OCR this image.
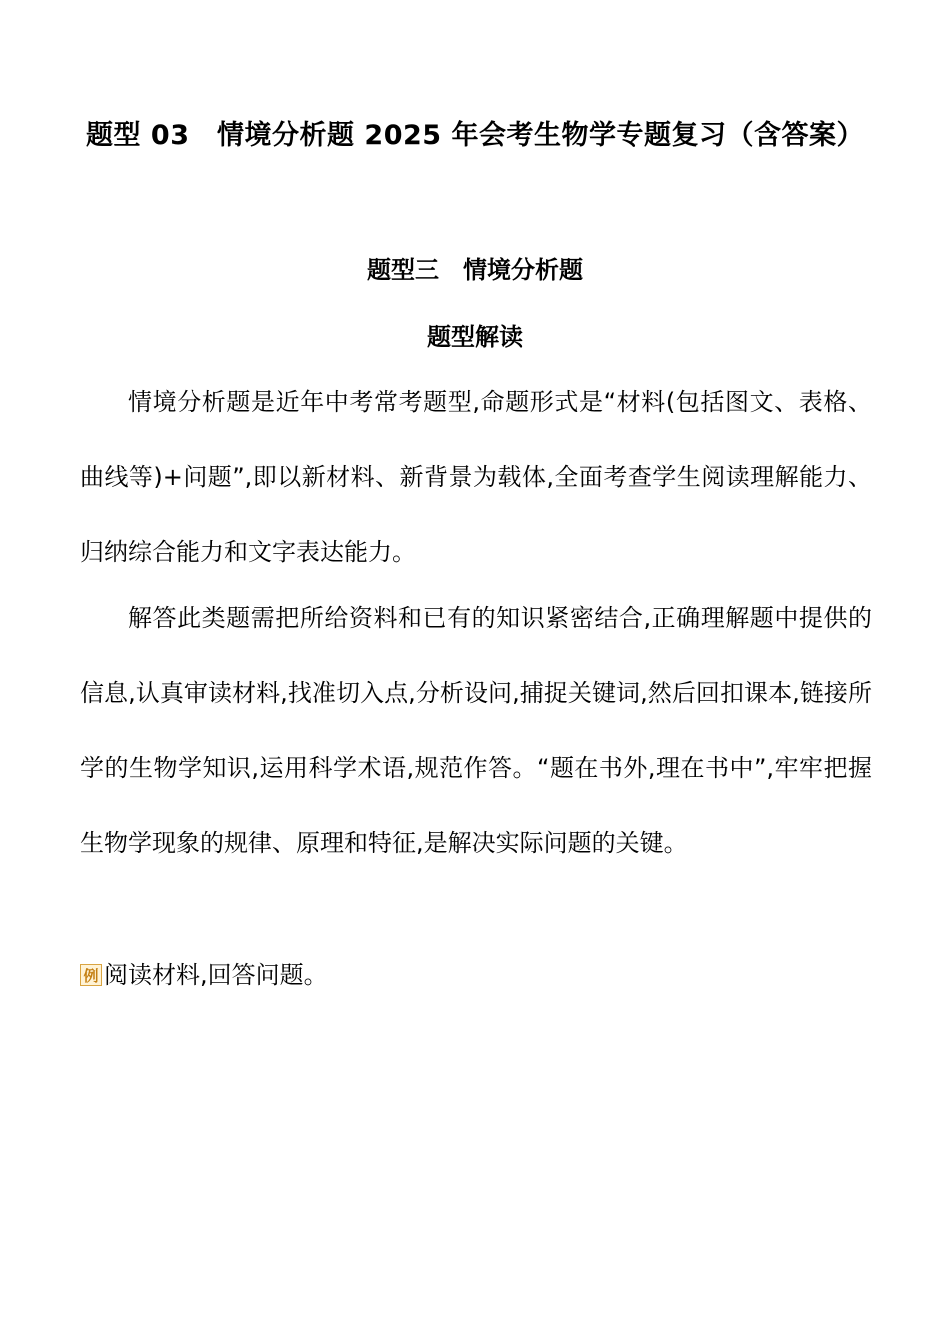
题型 03　情境分析题 2025 年会考生物学专题复习（含答案）
题型三　情境分析题
题型解读

情境分析题是近年中考常考题型,命题形式是“材料(包括图文、表格、曲线等)+问题”,即以新材料、新背景为载体,全面考查学生阅读理解能力、归纳综合能力和文字表达能力。

解答此类题需把所给资料和已有的知识紧密结合,正确理解题中提供的信息,认真审读材料,找准切入点,分析设问,捕捉关键词,然后回扣课本,链接所学的生物学知识,运用科学术语,规范作答。“题在书外,理在书中”,牢牢把握生物学现象的规律、原理和特征,是解决实际问题的关键。

例 阅读材料,回答问题。
